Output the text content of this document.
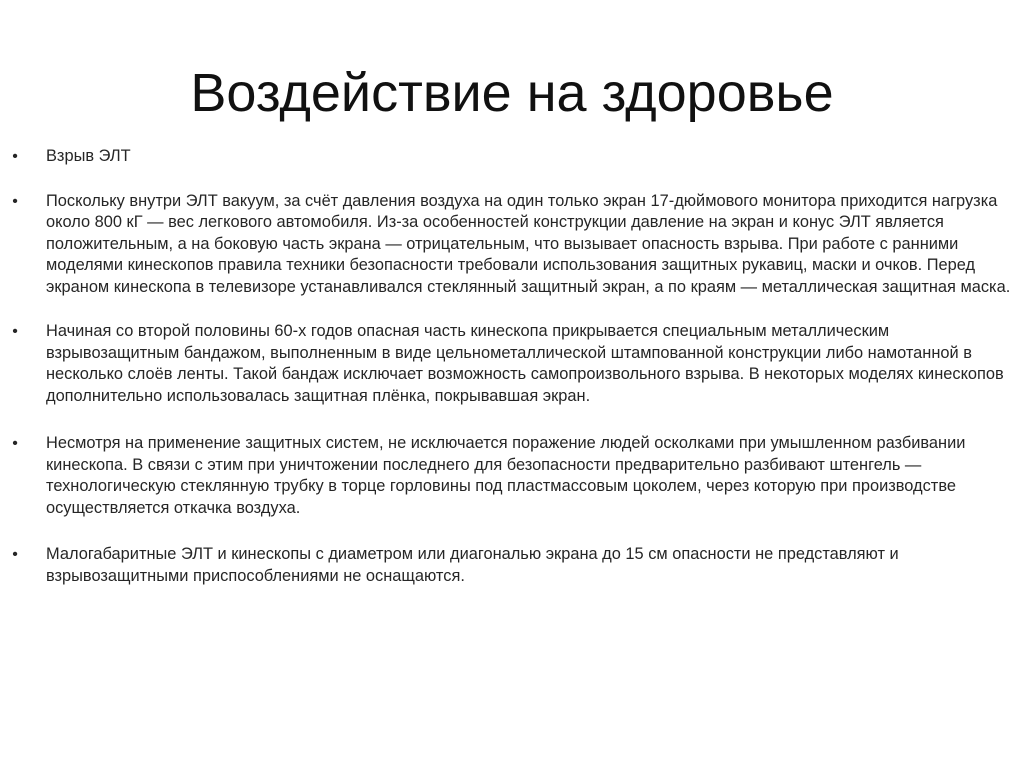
Воздействие на здоровье
• Взрыв ЭЛТ
• Поскольку внутри ЭЛТ вакуум, за счёт давления воздуха на один только экран 17-дюймового монитора приходится нагрузка около 800 кГ — вес легкового автомобиля. Из-за особенностей конструкции давление на экран и конус ЭЛТ является положительным, а на боковую часть экрана — отрицательным, что вызывает опасность взрыва. При работе с ранними моделями кинескопов правила техники безопасности требовали использования защитных рукавиц, маски и очков. Перед экраном кинескопа в телевизоре устанавливался стеклянный защитный экран, а по краям — металлическая защитная маска.
• Начиная со второй половины 60-х годов опасная часть кинескопа прикрывается специальным металлическим взрывозащитным бандажом, выполненным в виде цельнометаллической штампованной конструкции либо намотанной в несколько слоёв ленты. Такой бандаж исключает возможность самопроизвольного взрыва. В некоторых моделях кинескопов дополнительно использовалась защитная плёнка, покрывавшая экран.
• Несмотря на применение защитных систем, не исключается поражение людей осколками при умышленном разбивании кинескопа. В связи с этим при уничтожении последнего для безопасности предварительно разбивают штенгель — технологическую стеклянную трубку в торце горловины под пластмассовым цоколем, через которую при производстве осуществляется откачка воздуха.
• Малогабаритные ЭЛТ и кинескопы с диаметром или диагональю экрана до 15 см опасности не представляют и взрывозащитными приспособлениями не оснащаются.
